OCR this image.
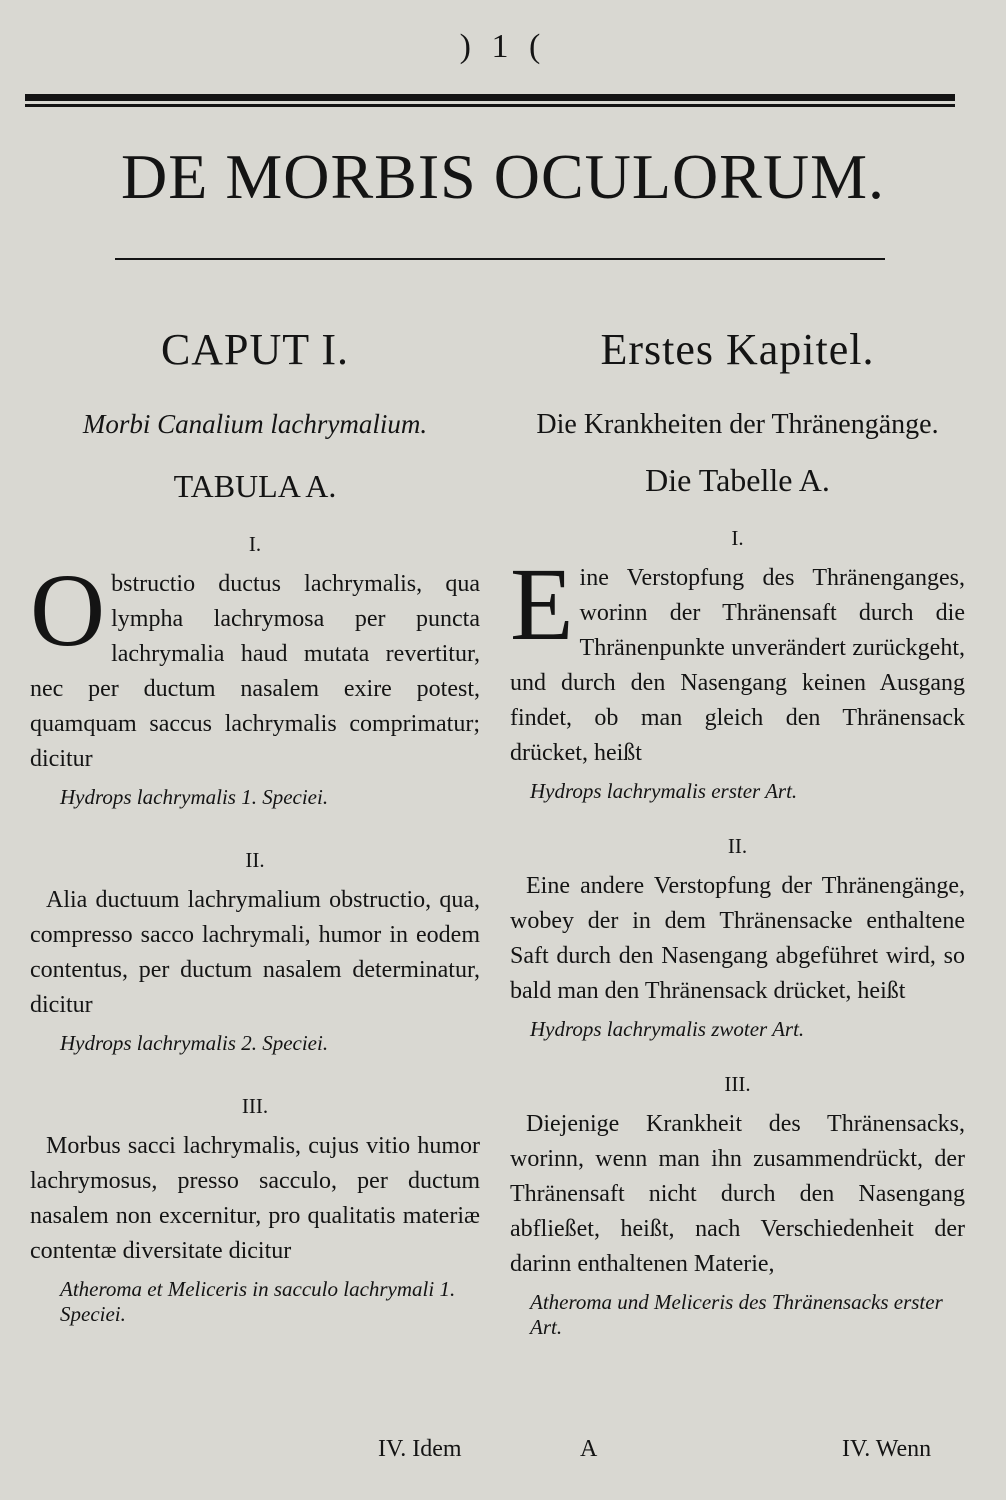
) 1 (
DE MORBIS OCULORUM.
CAPUT I.
Morbi Canalium lachrymalium.
TABULA A.
I.

Obstructio ductus lachrymalis, qua lympha lachrymosa per puncta lachrymalia haud mutata revertitur, nec per ductum nasalem exire potest, quamquam saccus lachrymalis comprimatur; dicitur

Hydrops lachrymalis 1. Speciei.
II.

Alia ductuum lachrymalium obstructio, qua, compresso sacco lachrymali, humor in eodem contentus, per ductum nasalem determinatur, dicitur

Hydrops lachrymalis 2. Speciei.
III.

Morbus sacci lachrymalis, cujus vitio humor lachrymosus, presso sacculo, per ductum nasalem non excernitur, pro qualitatis materiæ contentæ diversitate dicitur

Atheroma et Meliceris in sacculo lachrymali 1. Speciei.
Erstes Kapitel.
Die Krankheiten der Thränengänge.
Die Tabelle A.
I.

Eine Verstopfung des Thränenganges, worinn der Thränensaft durch die Thränenpunkte unverändert zurückgeht, und durch den Nasengang keinen Ausgang findet, ob man gleich den Thränensack drücket, heißt

Hydrops lachrymalis erster Art.
II.

Eine andere Verstopfung der Thränengänge, wobey der in dem Thränensacke enthaltene Saft durch den Nasengang abgeführet wird, so bald man den Thränensack drücket, heißt

Hydrops lachrymalis zwoter Art.
III.

Diejenige Krankheit des Thränensacks, worinn, wenn man ihn zusammendrückt, der Thränensaft nicht durch den Nasengang abfließet, heißt, nach Verschiedenheit der darinn enthaltenen Materie,

Atheroma und Meliceris des Thränensacks erster Art.
IV. Idem	A	IV. Wenn
